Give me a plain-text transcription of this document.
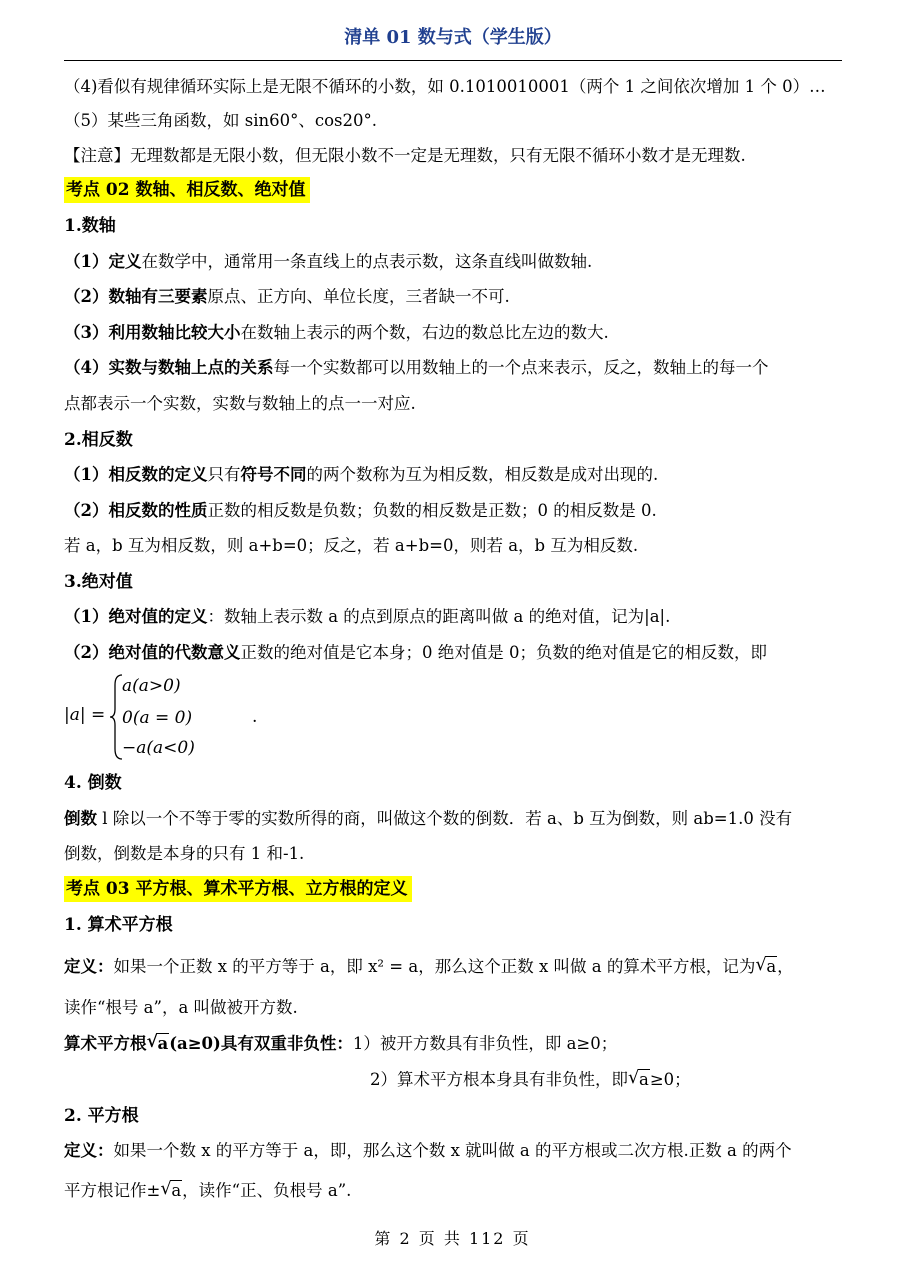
清单 01 数与式（学生版）
（4)看似有规律循环实际上是无限不循环的小数，如 0.1010010001（两个 1 之间依次增加 1 个 0）…
（5）某些三角函数，如 sin60°、cos20°.
【注意】无理数都是无限小数，但无限小数不一定是无理数，只有无限不循环小数才是无理数.
考点 02 数轴、相反数、绝对值
1.数轴
（1）定义在数学中，通常用一条直线上的点表示数，这条直线叫做数轴.
（2）数轴有三要素原点、正方向、单位长度，三者缺一不可.
（3）利用数轴比较大小在数轴上表示的两个数，右边的数总比左边的数大.
（4）实数与数轴上点的关系每一个实数都可以用数轴上的一个点来表示，反之，数轴上的每一个
点都表示一个实数，实数与数轴上的点一一对应.
2.相反数
（1）相反数的定义只有符号不同的两个数称为互为相反数，相反数是成对出现的.
（2）相反数的性质正数的相反数是负数；负数的相反数是正数；0 的相反数是 0.
若 a，b 互为相反数，则 a+b=0；反之，若 a+b=0，则若 a，b 互为相反数.
3.绝对值
（1）绝对值的定义：数轴上表示数 a 的点到原点的距离叫做 a 的绝对值，记为|a|.
（2）绝对值的代数意义正数的绝对值是它本身；0 绝对值是 0；负数的绝对值是它的相反数，即
|a| =
a(a>0)
0(a = 0)
−a(a<0)
.
4. 倒数
倒数 l 除以一个不等于零的实数所得的商，叫做这个数的倒数．若 a、b 互为倒数，则 ab=1.0 没有
倒数，倒数是本身的只有 1 和-1.
考点 03 平方根、算术平方根、立方根的定义
1. 算术平方根
定义：如果一个正数 x 的平方等于 a，即 x² = a，那么这个正数 x 叫做 a 的算术平方根，记为 √ a，
读作“根号 a”，a 叫做被开方数.
算术平方根 √ a(a≥0)具有双重非负性：1）被开方数具有非负性，即 a≥0；
2）算术平方根本身具有非负性，即 √ a≥0；
2. 平方根
定义：如果一个数 x 的平方等于 a，即，那么这个数 x 就叫做 a 的平方根或二次方根.正数 a 的两个
平方根记作± √ a，读作“正、负根号 a”.
第 2 页 共 112 页
